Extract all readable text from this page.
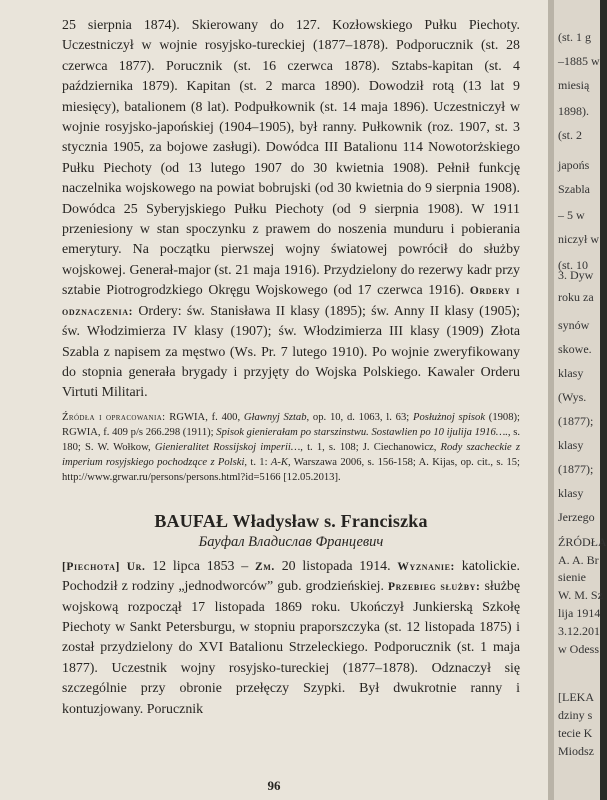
25 sierpnia 1874). Skierowany do 127. Kozłowskiego Pułku Piechoty. Uczestniczył w wojnie rosyjsko-tureckiej (1877–1878). Podporucznik (st. 28 czerwca 1877). Porucznik (st. 16 czerwca 1878). Sztabs-kapitan (st. 4 października 1879). Kapitan (st. 2 marca 1890). Dowodził rotą (13 lat 9 miesięcy), batalionem (8 lat). Podpułkownik (st. 14 maja 1896). Uczestniczył w wojnie rosyjsko-japońskiej (1904–1905), był ranny. Pułkownik (roz. 1907, st. 3 stycznia 1905, za bojowe zasługi). Dowódca III Batalionu 114 Nowotorżskiego Pułku Piechoty (od 13 lutego 1907 do 30 kwietnia 1908). Pełnił funkcję naczelnika wojskowego na powiat bobrujski (od 30 kwietnia do 9 sierpnia 1908). Dowódca 25 Syberyjskiego Pułku Piechoty (od 9 sierpnia 1908). W 1911 przeniesiony w stan spoczynku z prawem do noszenia munduru i pobierania emerytury. Na początku pierwszej wojny światowej powrócił do służby wojskowej. Generał-major (st. 21 maja 1916). Przydzielony do rezerwy kadr przy sztabie Piotrogrodzkiego Okręgu Wojskowego (od 17 czerwca 1916). Ordery i odznaczenia: Ordery: św. Stanisława II klasy (1895); św. Anny II klasy (1905); św. Włodzimierza IV klasy (1907); św. Włodzimierza III klasy (1909) Złota Szabla z napisem za męstwo (Ws. Pr. 7 lutego 1910). Po wojnie zweryfikowany do stopnia generała brygady i przyjęty do Wojska Polskiego. Kawaler Orderu Virtuti Militari.

Źródła i opracowania: RGWIA, f. 400, Gławnyj Sztab, op. 10, d. 1063, l. 63; Posłużnoj spisok (1908); RGWIA, f. 409 p/s 266.298 (1911); Spisok gienierałam po starszinstwu. Sostawlien po 10 ijulija 1916…., s. 180; S. W. Wołkow, Gienieralitet Rossijskoj imperii…, t. 1, s. 108; J. Ciechanowicz, Rody szacheckie z imperium rosyjskiego pochodzące z Polski, t. 1: A-K, Warszawa 2006, s. 156-158; A. Kijas, op. cit., s. 15; http://www.grwar.ru/persons/persons.html?id=5166 [12.05.2013].

BAUFAŁ Władysław s. Franciszka

Бауфал Владислав Францевич

[Piechota] Ur. 12 lipca 1853 – Zm. 20 listopada 1914. Wyznanie: katolickie. Pochodził z rodziny „jednodworców” gub. grodzieńskiej. Przebieg służby: służbę wojskową rozpoczął 17 listopada 1869 roku. Ukończył Junkierską Szkołę Piechoty w Sankt Petersburgu, w stopniu praporszczyka (st. 12 listopada 1875) i został przydzielony do XVI Batalionu Strzeleckiego. Podporucznik (st. 1 maja 1877). Uczestnik wojny rosyjsko-tureckiej (1877–1878). Odznaczył się szczególnie przy obronie przełęczy Szypki. Był dwukrotnie ranny i kontuzjowany. Porucznik

96
(st. 1 g
–1885 w
miesią
1898).
(st. 2
japońs
Szabla
– 5 w
niczył w
(st. 10
3. Dyw
roku za
synów
skowe.
klasy
(Wys.
(1877);
klasy
(1877);
klasy
Jerzego
ŹRÓDŁA
A. A. Br
sienie
W. M. Sz
lija 1914
3.12.201
w Odess
[LEKA
dziny s
tecie K
Miodsz
